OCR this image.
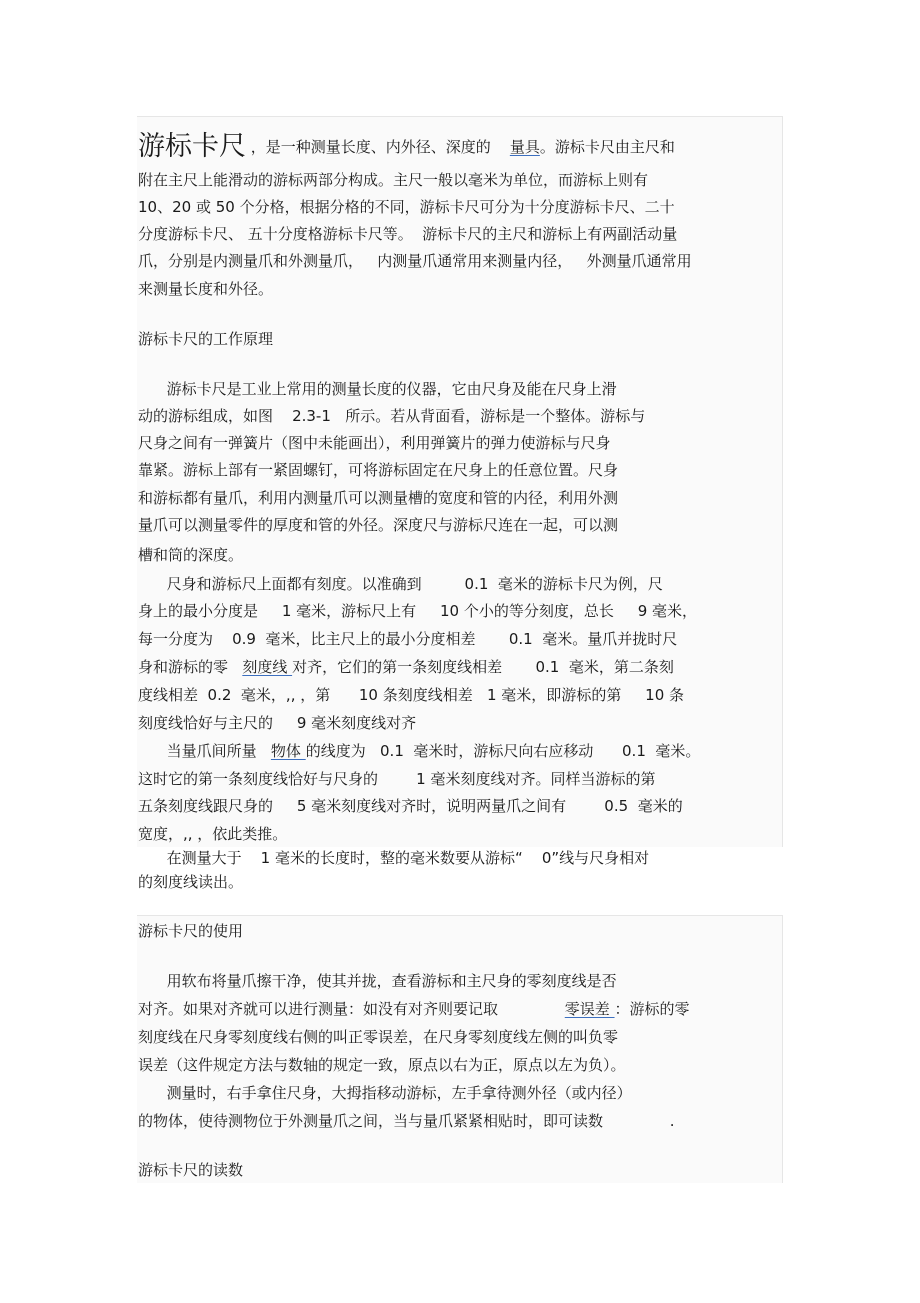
游标卡尺 ，是一种测量长度、内外径、深度的    量具。游标卡尺由主尺和
附在主尺上能滑动的游标两部分构成。主尺一般以毫米为单位，而游标上则有
10、20 或 50 个分格，根据分格的不同，游标卡尺可分为十分度游标卡尺、二十
分度游标卡尺、 五十分度格游标卡尺等。  游标卡尺的主尺和游标上有两副活动量
爪，分别是内测量爪和外测量爪，   内测量爪通常用来测量内径，   外测量爪通常用
来测量长度和外径。
游标卡尺的工作原理
游标卡尺是工业上常用的测量长度的仪器，它由尺身及能在尺身上滑
动的游标组成，如图    2.3-1   所示。若从背面看，游标是一个整体。游标与
尺身之间有一弹簧片（图中未能画出），利用弹簧片的弹力使游标与尺身
靠紧。游标上部有一紧固螺钉，可将游标固定在尺身上的任意位置。尺身
和游标都有量爪，利用内测量爪可以测量槽的宽度和管的内径，利用外测
量爪可以测量零件的厚度和管的外径。深度尺与游标尺连在一起，可以测
槽和筒的深度。
尺身和游标尺上面都有刻度。以准确到         0.1  毫米的游标卡尺为例，尺
身上的最小分度是     1 毫米，游标尺上有     10 个小的等分刻度，总长     9 毫米，
每一分度为    0.9  毫米，比主尺上的最小分度相差       0.1  毫米。量爪并拢时尺
身和游标的零   刻度线 对齐，它们的第一条刻度线相差       0.1  毫米，第二条刻
度线相差  0.2  毫米，,, ，第      10 条刻度线相差   1 毫米，即游标的第     10 条
刻度线恰好与主尺的     9 毫米刻度线对齐
当量爪间所量   物体 的线度为   0.1  毫米时，游标尺向右应移动      0.1  毫米。
这时它的第一条刻度线恰好与尺身的        1 毫米刻度线对齐。同样当游标的第
五条刻度线跟尺身的     5 毫米刻度线对齐时，说明两量爪之间有        0.5  毫米的
宽度，,, ，依此类推。
在测量大于    1 毫米的长度时，整的毫米数要从游标“    0”线与尺身相对
的刻度线读出。
游标卡尺的使用
用软布将量爪擦干净，使其并拢，查看游标和主尺身的零刻度线是否
对齐。如果对齐就可以进行测量：如没有对齐则要记取              零误差 ：游标的零
刻度线在尺身零刻度线右侧的叫正零误差，在尺身零刻度线左侧的叫负零
误差（这件规定方法与数轴的规定一致，原点以右为正，原点以左为负）。
测量时，右手拿住尺身，大拇指移动游标，左手拿待测外径（或内径）
的物体，使待测物位于外测量爪之间，当与量爪紧紧相贴时，即可读数              .
游标卡尺的读数
